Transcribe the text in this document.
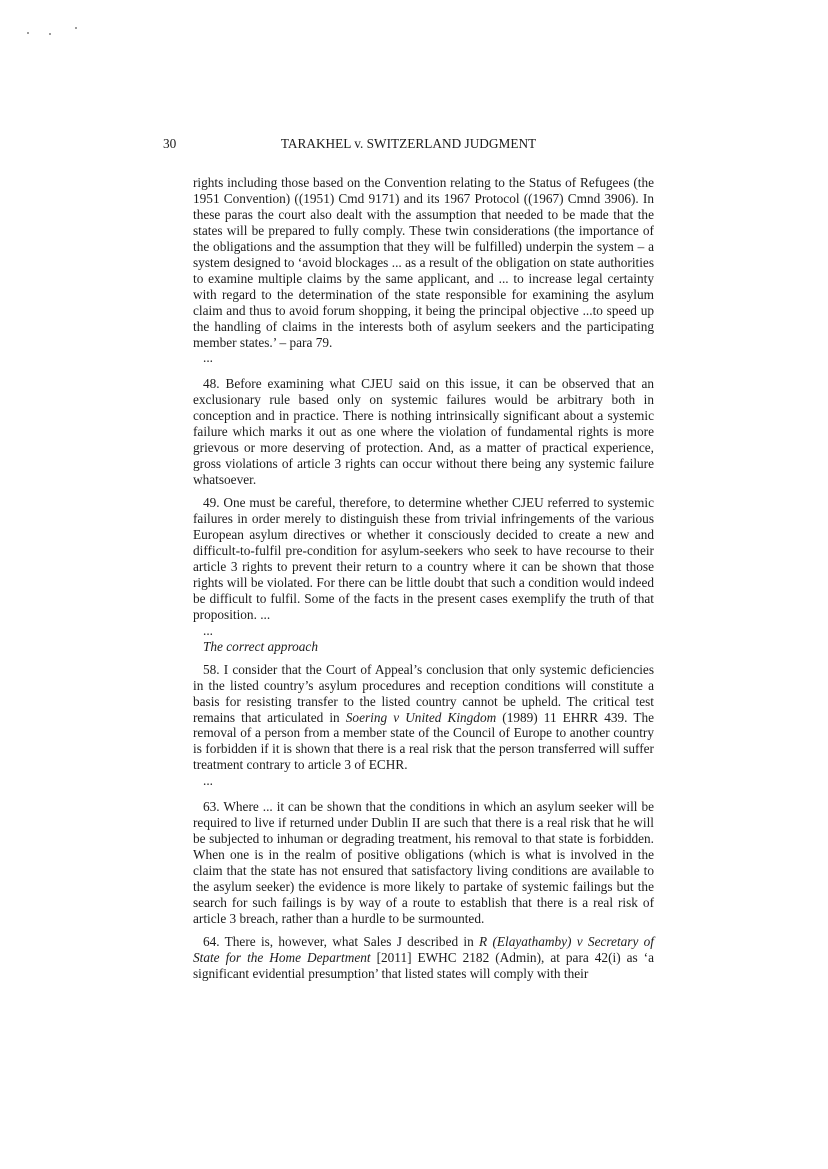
30	TARAKHEL v. SWITZERLAND JUDGMENT

rights including those based on the Convention relating to the Status of Refugees (the 1951 Convention) ((1951) Cmd 9171) and its 1967 Protocol ((1967) Cmnd 3906). In these paras the court also dealt with the assumption that needed to be made that the states will be prepared to fully comply. These twin considerations (the importance of the obligations and the assumption that they will be fulfilled) underpin the system – a system designed to ‘avoid blockages ... as a result of the obligation on state authorities to examine multiple claims by the same applicant, and ... to increase legal certainty with regard to the determination of the state responsible for examining the asylum claim and thus to avoid forum shopping, it being the principal objective ...to speed up the handling of claims in the interests both of asylum seekers and the participating member states.’ – para 79.

...

48. Before examining what CJEU said on this issue, it can be observed that an exclusionary rule based only on systemic failures would be arbitrary both in conception and in practice. There is nothing intrinsically significant about a systemic failure which marks it out as one where the violation of fundamental rights is more grievous or more deserving of protection. And, as a matter of practical experience, gross violations of article 3 rights can occur without there being any systemic failure whatsoever.

49. One must be careful, therefore, to determine whether CJEU referred to systemic failures in order merely to distinguish these from trivial infringements of the various European asylum directives or whether it consciously decided to create a new and difficult-to-fulfil pre-condition for asylum-seekers who seek to have recourse to their article 3 rights to prevent their return to a country where it can be shown that those rights will be violated. For there can be little doubt that such a condition would indeed be difficult to fulfil. Some of the facts in the present cases exemplify the truth of that proposition. ...

...

The correct approach

58. I consider that the Court of Appeal’s conclusion that only systemic deficiencies in the listed country’s asylum procedures and reception conditions will constitute a basis for resisting transfer to the listed country cannot be upheld. The critical test remains that articulated in Soering v United Kingdom (1989) 11 EHRR 439. The removal of a person from a member state of the Council of Europe to another country is forbidden if it is shown that there is a real risk that the person transferred will suffer treatment contrary to article 3 of ECHR.

...

63. Where ... it can be shown that the conditions in which an asylum seeker will be required to live if returned under Dublin II are such that there is a real risk that he will be subjected to inhuman or degrading treatment, his removal to that state is forbidden. When one is in the realm of positive obligations (which is what is involved in the claim that the state has not ensured that satisfactory living conditions are available to the asylum seeker) the evidence is more likely to partake of systemic failings but the search for such failings is by way of a route to establish that there is a real risk of article 3 breach, rather than a hurdle to be surmounted.

64. There is, however, what Sales J described in R (Elayathamby) v Secretary of State for the Home Department [2011] EWHC 2182 (Admin), at para 42(i) as ‘a significant evidential presumption’ that listed states will comply with their
